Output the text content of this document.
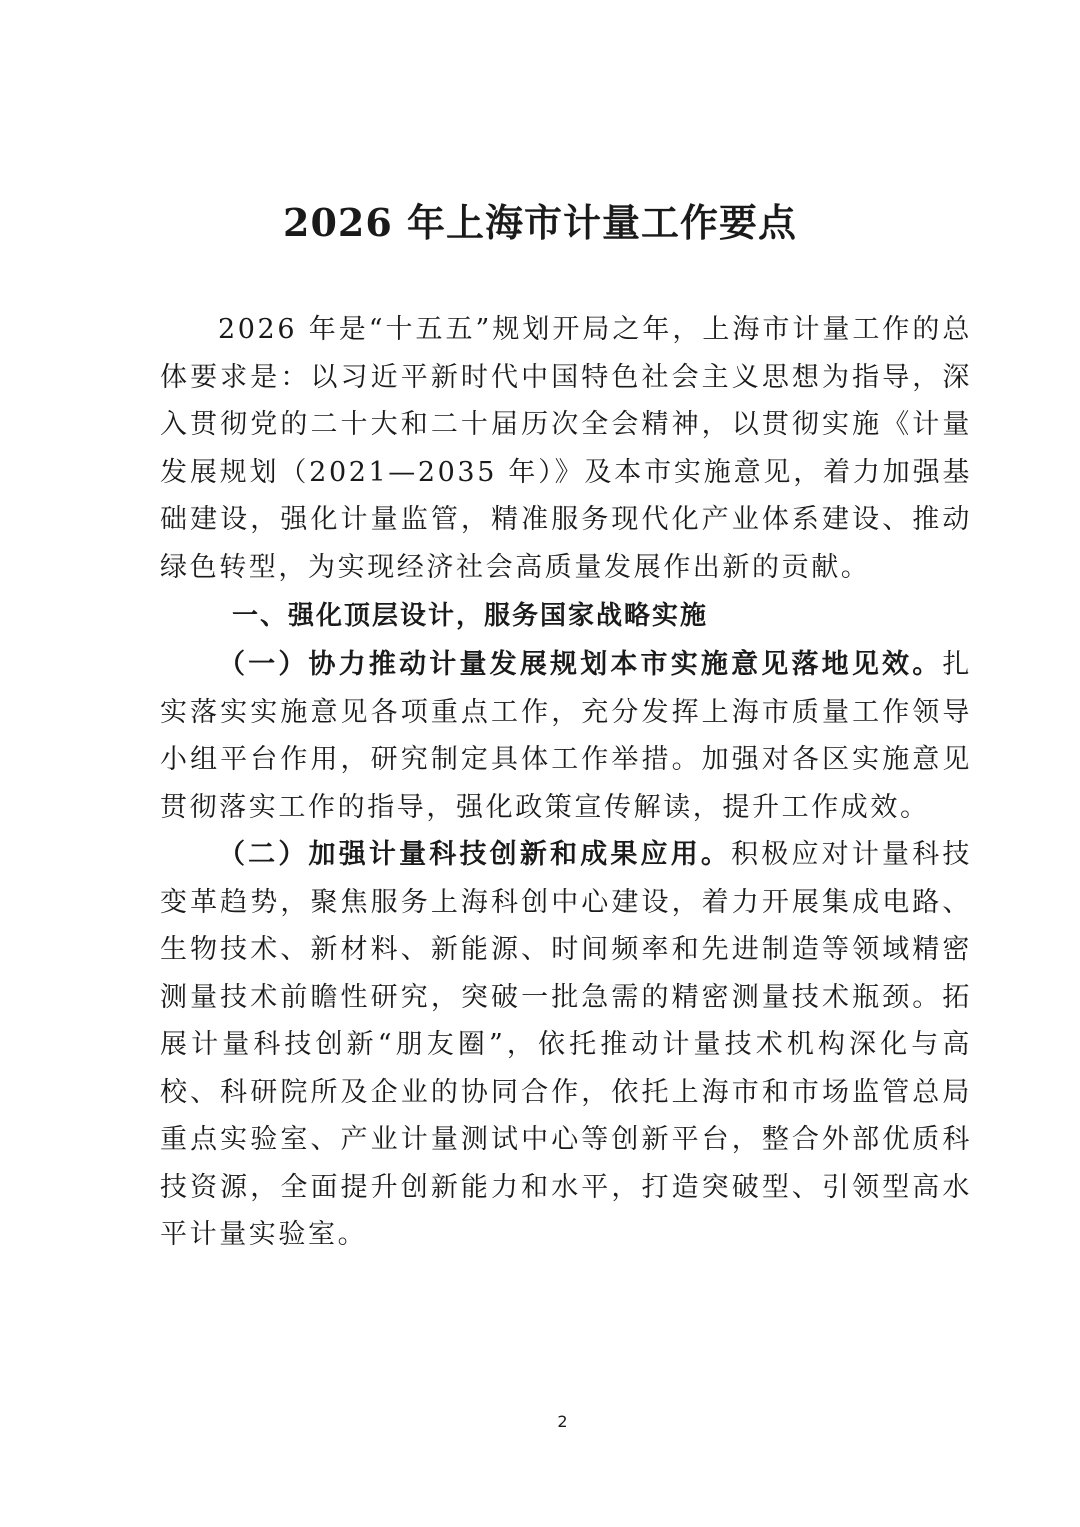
2026 年上海市计量工作要点

2026 年是“十五五”规划开局之年，上海市计量工作的总体要求是：以习近平新时代中国特色社会主义思想为指导，深入贯彻党的二十大和二十届历次全会精神，以贯彻实施《计量发展规划（2021—2035 年）》及本市实施意见，着力加强基础建设，强化计量监管，精准服务现代化产业体系建设、推动绿色转型，为实现经济社会高质量发展作出新的贡献。

一、强化顶层设计，服务国家战略实施

（一）协力推动计量发展规划本市实施意见落地见效。扎实落实实施意见各项重点工作，充分发挥上海市质量工作领导小组平台作用，研究制定具体工作举措。加强对各区实施意见贯彻落实工作的指导，强化政策宣传解读，提升工作成效。

（二）加强计量科技创新和成果应用。积极应对计量科技变革趋势，聚焦服务上海科创中心建设，着力开展集成电路、生物技术、新材料、新能源、时间频率和先进制造等领域精密测量技术前瞻性研究，突破一批急需的精密测量技术瓶颈。拓展计量科技创新“朋友圈”，依托推动计量技术机构深化与高校、科研院所及企业的协同合作，依托上海市和市场监管总局重点实验室、产业计量测试中心等创新平台，整合外部优质科技资源，全面提升创新能力和水平，打造突破型、引领型高水平计量实验室。

2
